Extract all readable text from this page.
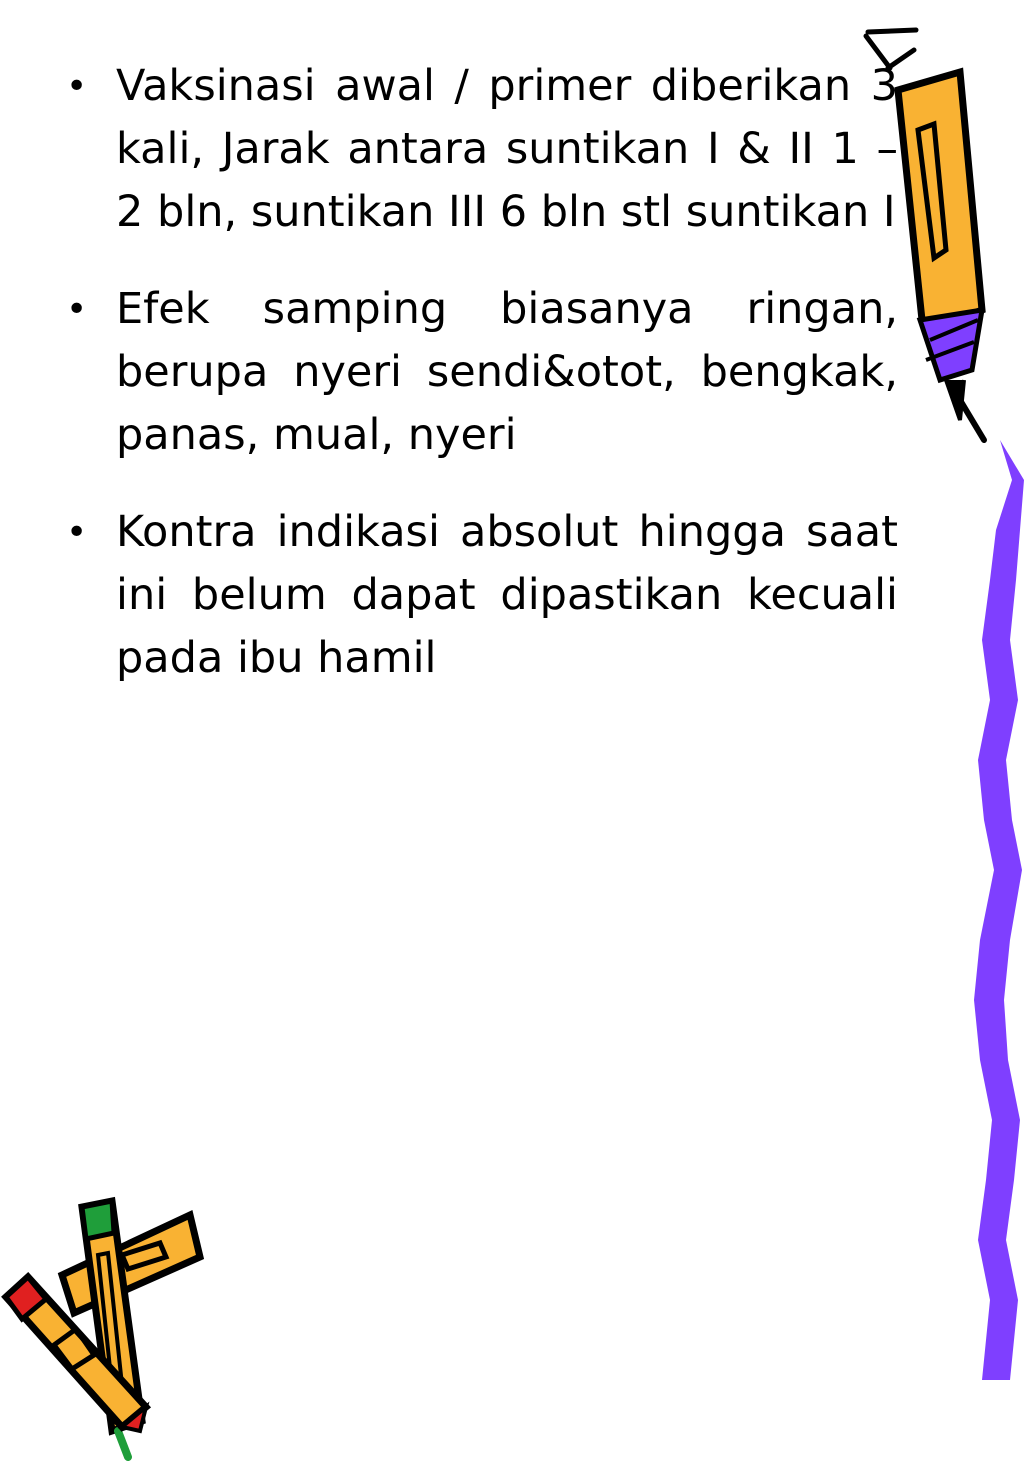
• Vaksinasi awal / primer diberikan 3 kali, Jarak antara suntikan I & II 1 – 2 bln, suntikan III 6 bln stl suntikan I
• Efek samping biasanya ringan, berupa nyeri sendi&otot, bengkak, panas, mual, nyeri
• Kontra indikasi absolut hingga saat ini belum dapat dipastikan kecuali pada ibu hamil
